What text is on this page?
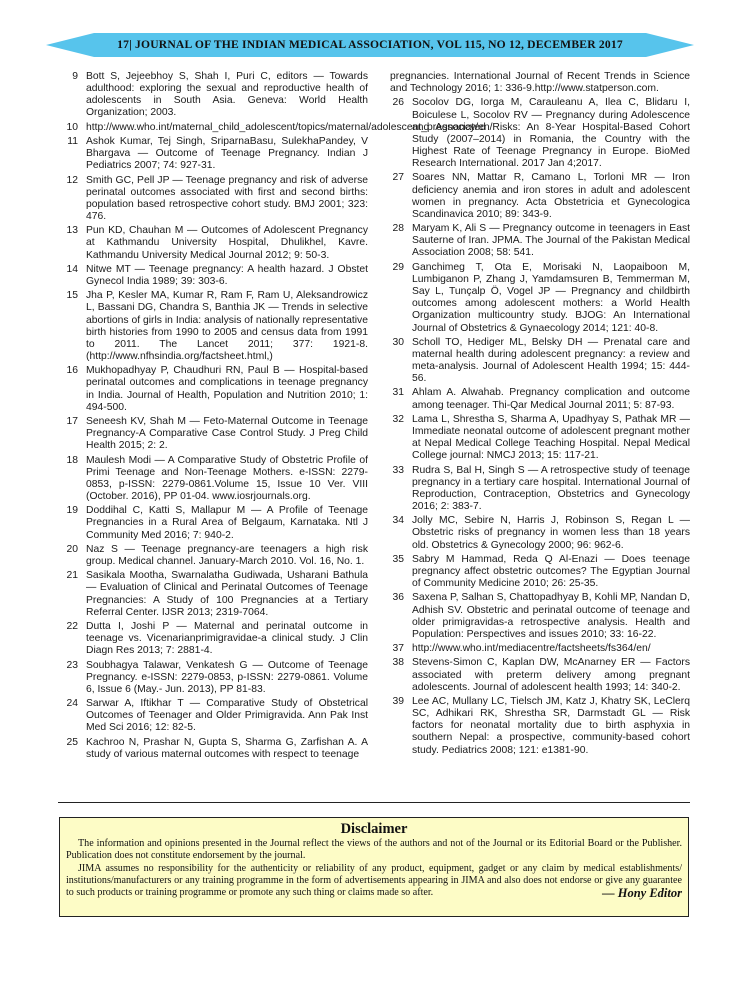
17| JOURNAL OF THE INDIAN MEDICAL ASSOCIATION, VOL 115, NO 12, DECEMBER 2017
9 Bott S, Jejeebhoy S, Shah I, Puri C, editors — Towards adulthood: exploring the sexual and reproductive health of adolescents in South Asia. Geneva: World Health Organization; 2003.
10 http://www.who.int/maternal_child_adolescent/topics/maternal/adolescent_pregnancy/en/
11 Ashok Kumar, Tej Singh, SriparnaBasu, SulekhaPandey, V Bhargava — Outcome of Teenage Pregnancy. Indian J Pediatrics 2007; 74: 927-31.
12 Smith GC, Pell JP — Teenage pregnancy and risk of adverse perinatal outcomes associated with first and second births: population based retrospective cohort study. BMJ 2001; 323: 476.
13 Pun KD, Chauhan M — Outcomes of Adolescent Pregnancy at Kathmandu University Hospital, Dhulikhel, Kavre. Kathmandu University Medical Journal 2012; 9: 50-3.
14 Nitwe MT — Teenage pregnancy: A health hazard. J Obstet Gynecol India 1989; 39: 303-6.
15 Jha P, Kesler MA, Kumar R, Ram F, Ram U, Aleksandrowicz L, Bassani DG, Chandra S, Banthia JK — Trends in selective abortions of girls in India: analysis of nationally representative birth histories from 1990 to 2005 and census data from 1991 to 2011. The Lancet 2011; 377: 1921-8. (http://www.nfhsindia.org/factsheet.html,)
16 Mukhopadhyay P, Chaudhuri RN, Paul B — Hospital-based perinatal outcomes and complications in teenage pregnancy in India. Journal of Health, Population and Nutrition 2010; 1: 494-500.
17 Seneesh KV, Shah M — Feto-Maternal Outcome in Teenage Pregnancy-A Comparative Case Control Study. J Preg Child Health 2015; 2: 2.
18 Maulesh Modi — A Comparative Study of Obstetric Profile of Primi Teenage and Non-Teenage Mothers. e-ISSN: 2279-0853, p-ISSN: 2279-0861.Volume 15, Issue 10 Ver. VIII (October. 2016), PP 01-04. www.iosrjournals.org.
19 Doddihal C, Katti S, Mallapur M — A Profile of Teenage Pregnancies in a Rural Area of Belgaum, Karnataka. Ntl J Community Med 2016; 7: 940-2.
20 Naz S — Teenage pregnancy-are teenagers a high risk group. Medical channel. January-March 2010. Vol. 16, No. 1.
21 Sasikala Mootha, Swarnalatha Gudiwada, Usharani Bathula — Evaluation of Clinical and Perinatal Outcomes of Teenage Pregnancies: A Study of 100 Pregnancies at a Tertiary Referral Center. IJSR 2013; 2319-7064.
22 Dutta I, Joshi P — Maternal and perinatal outcome in teenage vs. Vicenarianprimigravidae-a clinical study. J Clin Diagn Res 2013; 7: 2881-4.
23 Soubhagya Talawar, Venkatesh G — Outcome of Teenage Pregnancy. e-ISSN: 2279-0853, p-ISSN: 2279-0861. Volume 6, Issue 6 (May.- Jun. 2013), PP 81-83.
24 Sarwar A, Iftikhar T — Comparative Study of Obstetrical Outcomes of Teenager and Older Primigravida. Ann Pak Inst Med Sci 2016; 12: 82-5.
25 Kachroo N, Prashar N, Gupta S, Sharma G, Zarfishan A. A study of various maternal outcomes with respect to teenage
pregnancies. International Journal of Recent Trends in Science and Technology 2016; 1: 336-9.http://www.statperson.com.
26 Socolov DG, Iorga M, Carauleanu A, Ilea C, Blidaru I, Boiculese L, Socolov RV — Pregnancy during Adolescence and Associated Risks: An 8-Year Hospital-Based Cohort Study (2007–2014) in Romania, the Country with the Highest Rate of Teenage Pregnancy in Europe. BioMed Research International. 2017 Jan 4;2017.
27 Soares NN, Mattar R, Camano L, Torloni MR — Iron deficiency anemia and iron stores in adult and adolescent women in pregnancy. Acta Obstetricia et Gynecologica Scandinavica 2010; 89: 343-9.
28 Maryam K, Ali S — Pregnancy outcome in teenagers in East Sauterne of Iran. JPMA. The Journal of the Pakistan Medical Association 2008; 58: 541.
29 Ganchimeg T, Ota E, Morisaki N, Laopaiboon M, Lumbiganon P, Zhang J, Yamdamsuren B, Temmerman M, Say L, Tunçalp Ö, Vogel JP — Pregnancy and childbirth outcomes among adolescent mothers: a World Health Organization multicountry study. BJOG: An International Journal of Obstetrics & Gynaecology 2014; 121: 40-8.
30 Scholl TO, Hediger ML, Belsky DH — Prenatal care and maternal health during adolescent pregnancy: a review and meta-analysis. Journal of Adolescent Health 1994; 15: 444-56.
31 Ahlam A. Alwahab. Pregnancy complication and outcome among teenager. Thi-Qar Medical Journal 2011; 5: 87-93.
32 Lama L, Shrestha S, Sharma A, Upadhyay S, Pathak MR — Immediate neonatal outcome of adolescent pregnant mother at Nepal Medical College Teaching Hospital. Nepal Medical College journal: NMCJ 2013; 15: 117-21.
33 Rudra S, Bal H, Singh S — A retrospective study of teenage pregnancy in a tertiary care hospital. International Journal of Reproduction, Contraception, Obstetrics and Gynecology 2016; 2: 383-7.
34 Jolly MC, Sebire N, Harris J, Robinson S, Regan L — Obstetric risks of pregnancy in women less than 18 years old. Obstetrics & Gynecology 2000; 96: 962-6.
35 Sabry M Hammad, Reda Q Al-Enazi — Does teenage pregnancy affect obstetric outcomes? The Egyptian Journal of Community Medicine 2010; 26: 25-35.
36 Saxena P, Salhan S, Chattopadhyay B, Kohli MP, Nandan D, Adhish SV. Obstetric and perinatal outcome of teenage and older primigravidas-a retrospective analysis. Health and Population: Perspectives and issues 2010; 33: 16-22.
37 http://www.who.int/mediacentre/factsheets/fs364/en/
38 Stevens-Simon C, Kaplan DW, McAnarney ER — Factors associated with preterm delivery among pregnant adolescents. Journal of adolescent health 1993; 14: 340-2.
39 Lee AC, Mullany LC, Tielsch JM, Katz J, Khatry SK, LeClerq SC, Adhikari RK, Shrestha SR, Darmstadt GL — Risk factors for neonatal mortality due to birth asphyxia in southern Nepal: a prospective, community-based cohort study. Pediatrics 2008; 121: e1381-90.
Disclaimer

The information and opinions presented in the Journal reflect the views of the authors and not of the Journal or its Editorial Board or the Publisher. Publication does not constitute endorsement by the journal.

JIMA assumes no responsibility for the authenticity or reliability of any product, equipment, gadget or any claim by medical establishments/ institutions/manufacturers or any training programme in the form of advertisements appearing in JIMA and also does not endorse or give any guarantee to such products or training programme or promote any such thing or claims made so after.	— Hony Editor
